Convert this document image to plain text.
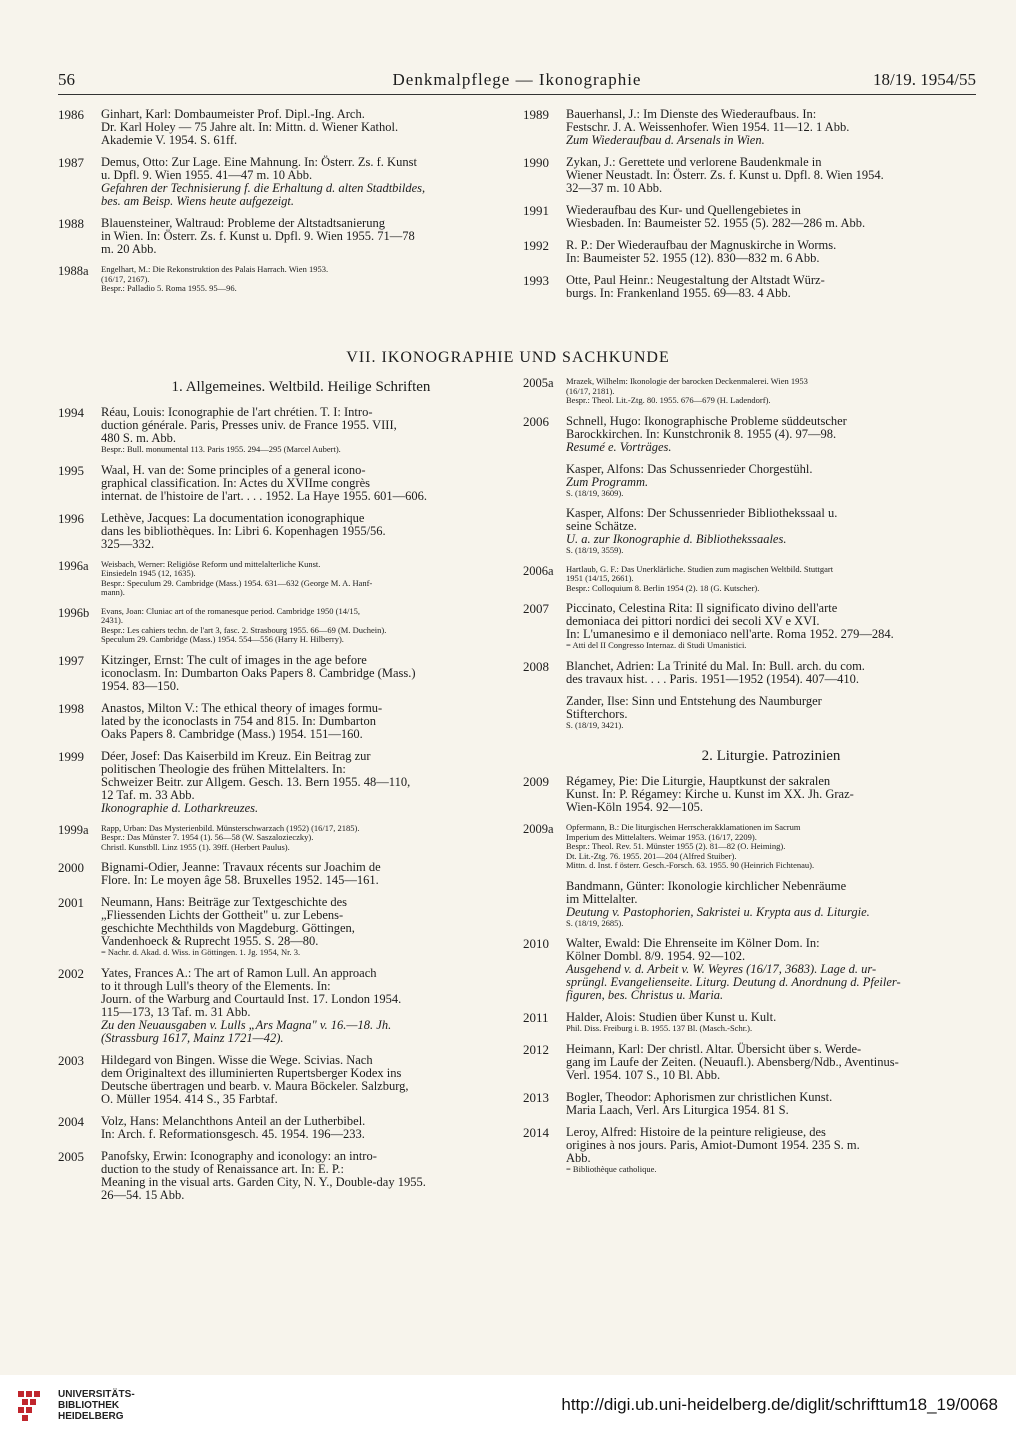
56	Denkmalpflege — Ikonographie	18/19. 1954/55
1986	Ginhart, Karl: Dombaumeister Prof. Dipl.-Ing. Arch.
Dr. Karl Holey — 75 Jahre alt. In: Mittn. d. Wiener Kathol.
Akademie V. 1954. S. 61ff.
1987	Demus, Otto: Zur Lage. Eine Mahnung. In: Österr. Zs. f. Kunst
u. Dpfl. 9. Wien 1955. 41—47 m. 10 Abb.
Gefahren der Technisierung f. die Erhaltung d. alten Stadtbildes,
bes. am Beisp. Wiens heute aufgezeigt.
1988	Blauensteiner, Waltraud: Probleme der Altstadtsanierung
in Wien. In: Österr. Zs. f. Kunst u. Dpfl. 9. Wien 1955. 71—78
m. 20 Abb.
1988a	Engelhart, M.: Die Rekonstruktion des Palais Harrach. Wien 1953.
(16/17, 2167).
Bespr.: Palladio 5. Roma 1955. 95—96.
1989	Bauerhansl, J.: Im Dienste des Wiederaufbaus. In:
Festschr. J. A. Weissenhofer. Wien 1954. 11—12. 1 Abb.
Zum Wiederaufbau d. Arsenals in Wien.
1990	Zykan, J.: Gerettete und verlorene Baudenkmale in
Wiener Neustadt. In: Österr. Zs. f. Kunst u. Dpfl. 8. Wien 1954.
32—37 m. 10 Abb.
1991	Wiederaufbau des Kur- und Quellengebietes in
Wiesbaden. In: Baumeister 52. 1955 (5). 282—286 m. Abb.
1992	R. P.: Der Wiederaufbau der Magnuskirche in Worms.
In: Baumeister 52. 1955 (12). 830—832 m. 6 Abb.
1993	Otte, Paul Heinr.: Neugestaltung der Altstadt Würz-
burgs. In: Frankenland 1955. 69—83. 4 Abb.
VII. IKONOGRAPHIE UND SACHKUNDE
1. Allgemeines. Weltbild. Heilige Schriften
1994	Réau, Louis: Iconographie de l'art chrétien. T. I: Intro-
duction générale. Paris, Presses univ. de France 1955. VIII,
480 S. m. Abb.
Bespr.: Bull. monumental 113. Paris 1955. 294—295 (Marcel Aubert).
1995	Waal, H. van de: Some principles of a general icono-
graphical classification. In: Actes du XVIIme congrès
internat. de l'histoire de l'art. . . . 1952. La Haye 1955. 601—606.
1996	Lethève, Jacques: La documentation iconographique
dans les bibliothèques. In: Libri 6. Kopenhagen 1955/56.
325—332.
1996a	Weisbach, Werner: Religiöse Reform und mittelalterliche Kunst.
Einsiedeln 1945 (12, 1635).
Bespr.: Speculum 29. Cambridge (Mass.) 1954. 631—632 (George M. A. Hanf-
mann).
1996b	Evans, Joan: Cluniac art of the romanesque period. Cambridge 1950 (14/15,
2431).
Bespr.: Les cahiers techn. de l'art 3, fasc. 2. Strasbourg 1955. 66—69 (M. Duchein).
Speculum 29. Cambridge (Mass.) 1954. 554—556 (Harry H. Hilberry).
1997	Kitzinger, Ernst: The cult of images in the age before
iconoclasm. In: Dumbarton Oaks Papers 8. Cambridge (Mass.)
1954. 83—150.
1998	Anastos, Milton V.: The ethical theory of images formu-
lated by the iconoclasts in 754 and 815. In: Dumbarton
Oaks Papers 8. Cambridge (Mass.) 1954. 151—160.
1999	Déer, Josef: Das Kaiserbild im Kreuz. Ein Beitrag zur
politischen Theologie des frühen Mittelalters. In:
Schweizer Beitr. zur Allgem. Gesch. 13. Bern 1955. 48—110,
12 Taf. m. 33 Abb.
Ikonographie d. Lotharkreuzes.
1999a	Rapp, Urban: Das Mysterienbild. Münsterschwarzach (1952) (16/17, 2185).
Bespr.: Das Münster 7. 1954 (1). 56—58 (W. Saszalozieczky).
Christl. Kunstbll. Linz 1955 (1). 39ff. (Herbert Paulus).
2000	Bignami-Odier, Jeanne: Travaux récents sur Joachim de
Flore. In: Le moyen âge 58. Bruxelles 1952. 145—161.
2001	Neumann, Hans: Beiträge zur Textgeschichte des
„Fliessenden Lichts der Gottheit" u. zur Lebens-
geschichte Mechthilds von Magdeburg. Göttingen,
Vandenhoeck & Ruprecht 1955. S. 28—80.
= Nachr. d. Akad. d. Wiss. in Göttingen. 1. Jg. 1954, Nr. 3.
2002	Yates, Frances A.: The art of Ramon Lull. An approach
to it through Lull's theory of the Elements. In:
Journ. of the Warburg and Courtauld Inst. 17. London 1954.
115—173, 13 Taf. m. 31 Abb.
Zu den Neuausgaben v. Lulls „Ars Magna" v. 16.—18. Jh.
(Strassburg 1617, Mainz 1721—42).
2003	Hildegard von Bingen. Wisse die Wege. Scivias. Nach
dem Originaltext des illuminierten Rupertsberger Kodex ins
Deutsche übertragen und bearb. v. Maura Böckeler. Salzburg,
O. Müller 1954. 414 S., 35 Farbtaf.
2004	Volz, Hans: Melanchthons Anteil an der Lutherbibel.
In: Arch. f. Reformationsgesch. 45. 1954. 196—233.
2005	Panofsky, Erwin: Iconography and iconology: an intro-
duction to the study of Renaissance art. In: E. P.:
Meaning in the visual arts. Garden City, N. Y., Double-day 1955.
26—54. 15 Abb.
2005a	Mrazek, Wilhelm: Ikonologie der barocken Deckenmalerei. Wien 1953
(16/17, 2181).
Bespr.: Theol. Lit.-Ztg. 80. 1955. 676—679 (H. Ladendorf).
2006	Schnell, Hugo: Ikonographische Probleme süddeutscher
Barockkirchen. In: Kunstchronik 8. 1955 (4). 97—98.
Resumé e. Vorträges.
Kasper, Alfons: Das Schussenrieder Chorgestühl.
Zum Programm.
S. (18/19, 3609).
Kasper, Alfons: Der Schussenrieder Bibliothekssaal u.
seine Schätze.
U. a. zur Ikonographie d. Bibliothekssaales.
S. (18/19, 3559).
2006a	Hartlaub, G. F.: Das Unerklärliche. Studien zum magischen Weltbild. Stuttgart
1951 (14/15, 2661).
Bespr.: Colloquium 8. Berlin 1954 (2). 18 (G. Kutscher).
2007	Piccinato, Celestina Rita: Il significato divino dell'arte
demoniaca dei pittori nordici dei secoli XV e XVI.
In: L'umanesimo e il demoniaco nell'arte. Roma 1952. 279—284.
= Atti del II Congresso Internaz. di Studi Umanistici.
2008	Blanchet, Adrien: La Trinité du Mal. In: Bull. arch. du com.
des travaux hist. . . . Paris. 1951—1952 (1954). 407—410.
Zander, Ilse: Sinn und Entstehung des Naumburger
Stifterchors.
S. (18/19, 3421).
2. Liturgie. Patrozinien
2009	Régamey, Pie: Die Liturgie, Hauptkunst der sakralen
Kunst. In: P. Régamey: Kirche u. Kunst im XX. Jh. Graz-
Wien-Köln 1954. 92—105.
2009a	Opfermann, B.: Die liturgischen Herrscherakklamationen im Sacrum
Imperium des Mittelalters. Weimar 1953. (16/17, 2209).
Bespr.: Theol. Rev. 51. Münster 1955 (2). 81—82 (O. Heiming).
Dt. Lit.-Ztg. 76. 1955. 201—204 (Alfred Stuiber).
Mittn. d. Inst. f österr. Gesch.-Forsch. 63. 1955. 90 (Heinrich Fichtenau).
Bandmann, Günter: Ikonologie kirchlicher Nebenräume
im Mittelalter.
Deutung v. Pastophorien, Sakristei u. Krypta aus d. Liturgie.
S. (18/19, 2685).
2010	Walter, Ewald: Die Ehrenseite im Kölner Dom. In:
Kölner Dombl. 8/9. 1954. 92—102.
Ausgehend v. d. Arbeit v. W. Weyres (16/17, 3683). Lage d. ur-
sprüngl. Evangelienseite. Liturg. Deutung d. Anordnung d. Pfeiler-
figuren, bes. Christus u. Maria.
2011	Halder, Alois: Studien über Kunst u. Kult.
Phil. Diss. Freiburg i. B. 1955. 137 Bl. (Masch.-Schr.).
2012	Heimann, Karl: Der christl. Altar. Übersicht über s. Werde-
gang im Laufe der Zeiten. (Neuaufl.). Abensberg/Ndb., Aventinus-
Verl. 1954. 107 S., 10 Bl. Abb.
2013	Bogler, Theodor: Aphorismen zur christlichen Kunst.
Maria Laach, Verl. Ars Liturgica 1954. 81 S.
2014	Leroy, Alfred: Histoire de la peinture religieuse, des
origines à nos jours. Paris, Amiot-Dumont 1954. 235 S. m.
Abb.
= Bibliothèque catholique.
UNIVERSITÄTS-
BIBLIOTHEK
HEIDELBERG
http://digi.ub.uni-heidelberg.de/diglit/schrifttum18_19/0068
